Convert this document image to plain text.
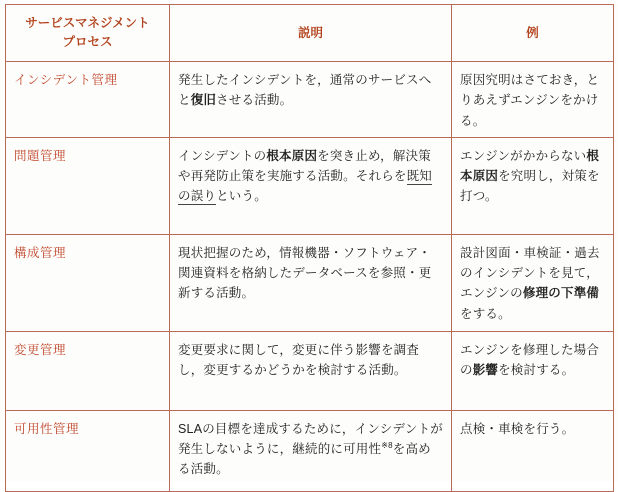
サービスマネジメント
プロセス	説明	例
インシデント管理	発生したインシデントを，通常のサービスへと復旧させる活動。	原因究明はさておき，とりあえずエンジンをかける。
問題管理	インシデントの根本原因を突き止め，解決策や再発防止策を実施する活動。それらを既知の誤りという。	エンジンがかからない根本原因を究明し，対策を打つ。
構成管理	現状把握のため，情報機器・ソフトウェア・関連資料を格納したデータベースを参照・更新する活動。	設計図面・車検証・過去のインシデントを見て，エンジンの修理の下準備をする。
変更管理	変更要求に関して，変更に伴う影響を調査し，変更するかどうかを検討する活動。	エンジンを修理した場合の影響を検討する。
可用性管理	SLAの目標を達成するために，インシデントが発生しないように，継続的に可用性$^{※8}$を高める活動。	点検・車検を行う。
